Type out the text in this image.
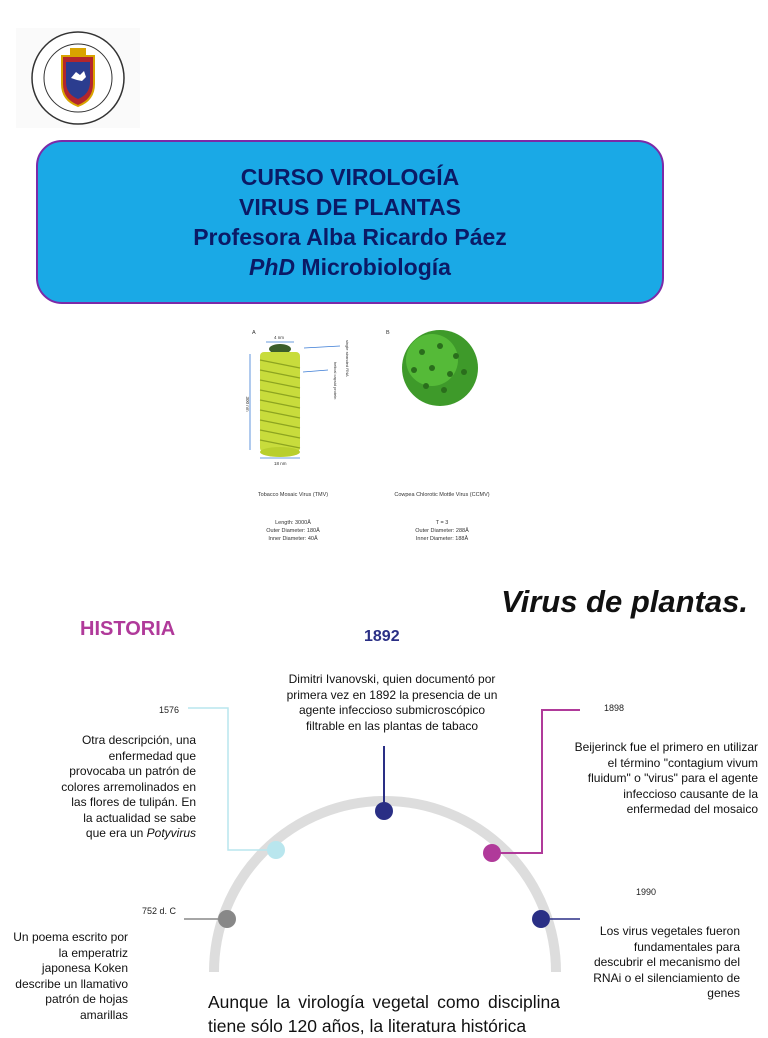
CURSO VIROLOGÍA
VIRUS DE PLANTAS
Profesora Alba Ricardo Páez
PhD Microbiología
A	B
4 nm
300 nm
18 nm
single stranded RNA
helical capsid protein
Tobacco Mosaic Virus (TMV)	Cowpea Chlorotic Mottle Virus (CCMV)
Length: 3000Å
Outer Diameter: 180Å
Inner Diameter: 40Å
T = 3
Outer Diameter: 288Å
Inner Diameter: 188Å
Virus de plantas.
HISTORIA	1892
Dimitri Ivanovski, quien documentó por primera vez en 1892 la presencia de un agente infeccioso submicroscópico filtrable en las plantas de tabaco
1576
Otra descripción, una enfermedad que provocaba un patrón de colores arremolinados en las flores de tulipán. En la actualidad se sabe que era un Potyvirus
752 d. C
Un poema escrito por la emperatriz japonesa Koken describe un llamativo patrón de hojas amarillas
1898
Beijerinck fue el primero en utilizar el término "contagium vivum fluidum" o "virus" para el agente infeccioso causante de la enfermedad del mosaico
1990
Los virus vegetales fueron fundamentales para descubrir el mecanismo del RNAi o el silenciamiento de genes
Aunque la virología vegetal como disciplina tiene sólo 120 años, la literatura histórica
